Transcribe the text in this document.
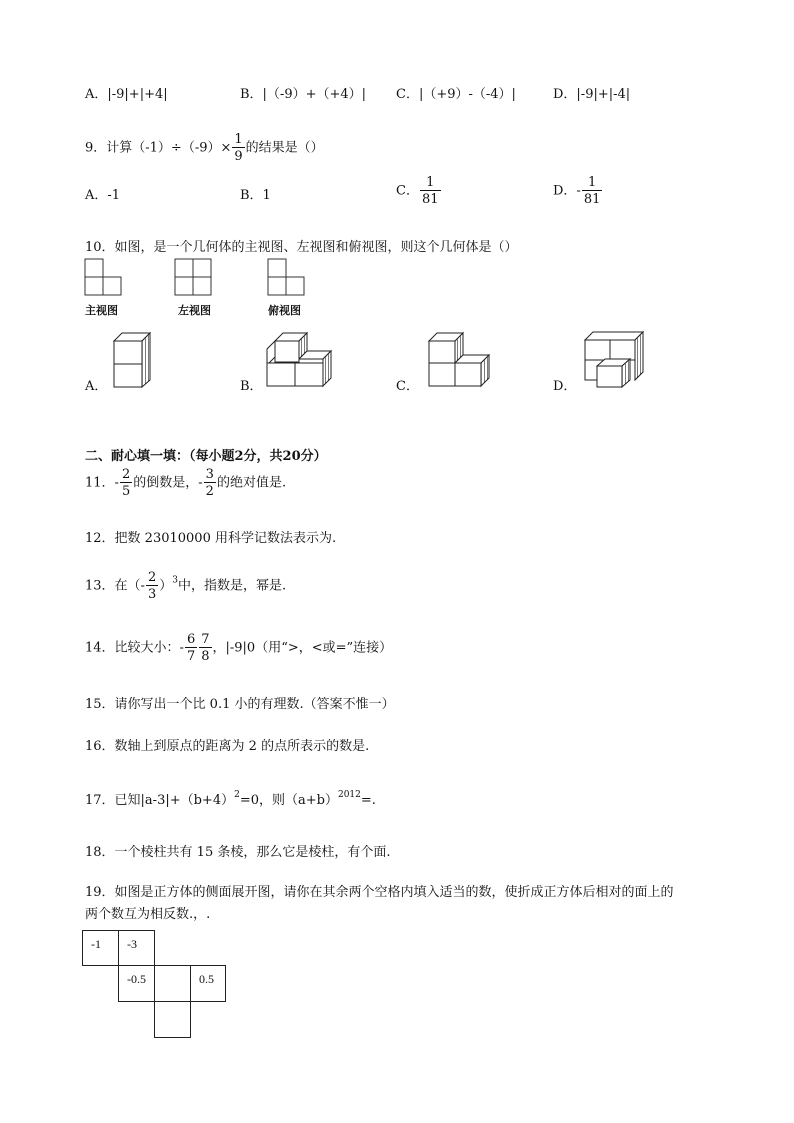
A．|-9|+|+4|	B．|（-9）+（+4）| C．|（+9）-（-4）|	D．|-9|+|-4|
9．计算$(-1)\div(-9)\times \frac{1}{9}$ 的结果是（）
A．-1	B．1	C． $\frac{1}{81}$	D．- $\frac{1}{81}$
10．如图，是一个几何体的主视图、左视图和俯视图，则这个几何体是（）
主视图	左视图	俯视图
A．	B．	C．	D．
二、耐心填一填：（每小题2分，共20分）
11．- $\frac{2}{5}$ 的倒数是，- $\frac{3}{2}$ 的绝对值是.
12．把数 23010000 用科学记数法表示为.
13．在（- $\frac{2}{3} )^3$中，指数是，幂是.
14．比较大小：- $\frac{6}{7} \frac{7}{8}$ ，|-9|0（用“>，<或=”连接）
15．请你写出一个比 0.1 小的有理数.（答案不惟一）
16．数轴上到原点的距离为 2 的点所表示的数是.
17．已知$|a-3|+(b+4)^2=0$，则$(a+b)^{2012}=$.
18．一个棱柱共有 15 条棱，那么它是棱柱，有个面.
19．如图是正方体的侧面展开图，请你在其余两个空格内填入适当的数，使折成正方体后相对的面上的
两个数互为相反数.，.
-1	-3
-0.5	0.5
